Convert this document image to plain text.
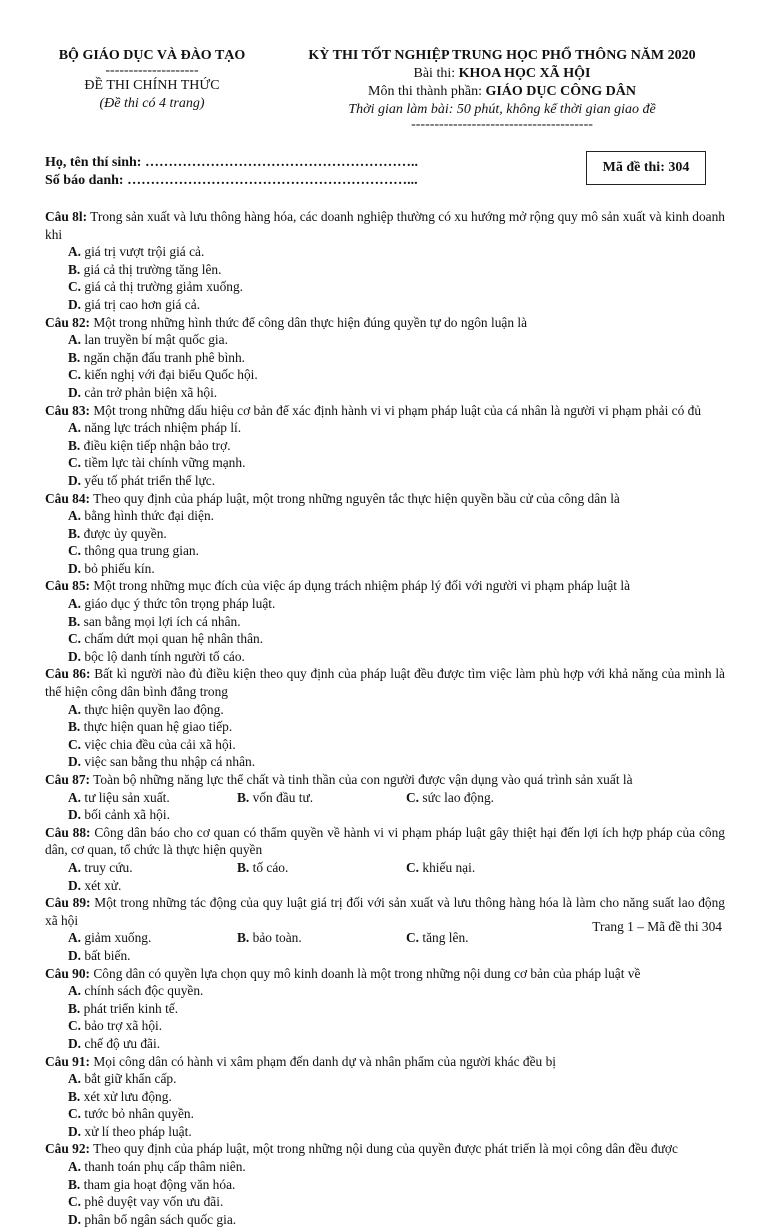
BỘ GIÁO DỤC VÀ ĐÀO TẠO
--------------------
ĐỀ THI CHÍNH THỨC
(Đề thi có 4 trang)
KỲ THI TỐT NGHIỆP TRUNG HỌC PHỔ THÔNG NĂM 2020
Bài thi: KHOA HỌC XÃ HỘI
Môn thi thành phần: GIÁO DỤC CÔNG DÂN
Thời gian làm bài: 50 phút, không kể thời gian giao đề
---------------------------------------
Họ, tên thí sinh: …………………………………………………..
Số báo danh: ……………………………………………………...
Mã đề thi: 304
Câu 8l: Trong sản xuất và lưu thông hàng hóa, các doanh nghiệp thường có xu hướng mở rộng quy mô sản xuất và kinh doanh khi
A. giá trị vượt trội giá cả.
B. giá cả thị trường tăng lên.
C. giá cả thị trường giảm xuống.
D. giá trị cao hơn giá cả.
Câu 82: Một trong những hình thức để công dân thực hiện đúng quyền tự do ngôn luận là
A. lan truyền bí mật quốc gia.
B. ngăn chặn đấu tranh phê bình.
C. kiến nghị với đại biểu Quốc hội.
D. cản trở phản biện xã hội.
Câu 83: Một trong những dấu hiệu cơ bản để xác định hành vi vi phạm pháp luật của cá nhân là người vi phạm phải có đủ
A. năng lực trách nhiệm pháp lí.
B. điều kiện tiếp nhận bảo trợ.
C. tiềm lực tài chính vững mạnh.
D. yếu tố phát triển thể lực.
Câu 84: Theo quy định của pháp luật, một trong những nguyên tắc thực hiện quyền bầu cử của công dân là
A. bằng hình thức đại diện.
B. được ủy quyền.
C. thông qua trung gian.
D. bỏ phiếu kín.
Câu 85: Một trong những mục đích của việc áp dụng trách nhiệm pháp lý đối với người vi phạm pháp luật là
A. giáo dục ý thức tôn trọng pháp luật.
B. san bằng mọi lợi ích cá nhân.
C. chấm dứt mọi quan hệ nhân thân.
D. bộc lộ danh tính người tố cáo.
Câu 86: Bất kì người nào đủ điều kiện theo quy định của pháp luật đều được tìm việc làm phù hợp với khả năng của mình là thể hiện công dân bình đẳng trong
A. thực hiện quyền lao động.
B. thực hiện quan hệ giao tiếp.
C. việc chia đều của cải xã hội.
D. việc san bằng thu nhập cá nhân.
Câu 87: Toàn bộ những năng lực thể chất và tinh thần của con người được vận dụng vào quá trình sản xuất là
A. tư liệu sản xuất.	B. vốn đầu tư.	C. sức lao động.
D. bối cảnh xã hội.
Câu 88: Công dân báo cho cơ quan có thẩm quyền về hành vi vi phạm pháp luật gây thiệt hại đến lợi ích hợp pháp của công dân, cơ quan, tổ chức là thực hiện quyền
A. truy cứu.	B. tố cáo.	C. khiếu nại.
D. xét xử.
Câu 89: Một trong những tác động của quy luật giá trị đối với sản xuất và lưu thông hàng hóa là làm cho năng suất lao động xã hội
A. giảm xuống.	B. bảo toàn.	C. tăng lên.
D. bất biến.
Câu 90: Công dân có quyền lựa chọn quy mô kinh doanh là một trong những nội dung cơ bản của pháp luật về
A. chính sách độc quyền.
B. phát triển kinh tế.
C. bảo trợ xã hội.
D. chế độ ưu đãi.
Câu 91: Mọi công dân có hành vi xâm phạm đến danh dự và nhân phẩm của người khác đều bị
A. bắt giữ khẩn cấp.
B. xét xử lưu động.
C. tước bỏ nhân quyền.
D. xử lí theo pháp luật.
Câu 92: Theo quy định của pháp luật, một trong những nội dung của quyền được phát triển là mọi công dân đều được
A. thanh toán phụ cấp thâm niên.
B. tham gia hoạt động văn hóa.
C. phê duyệt vay vốn ưu đãi.
D. phân bổ ngân sách quốc gia.
Trang 1 – Mã đề thi 304
